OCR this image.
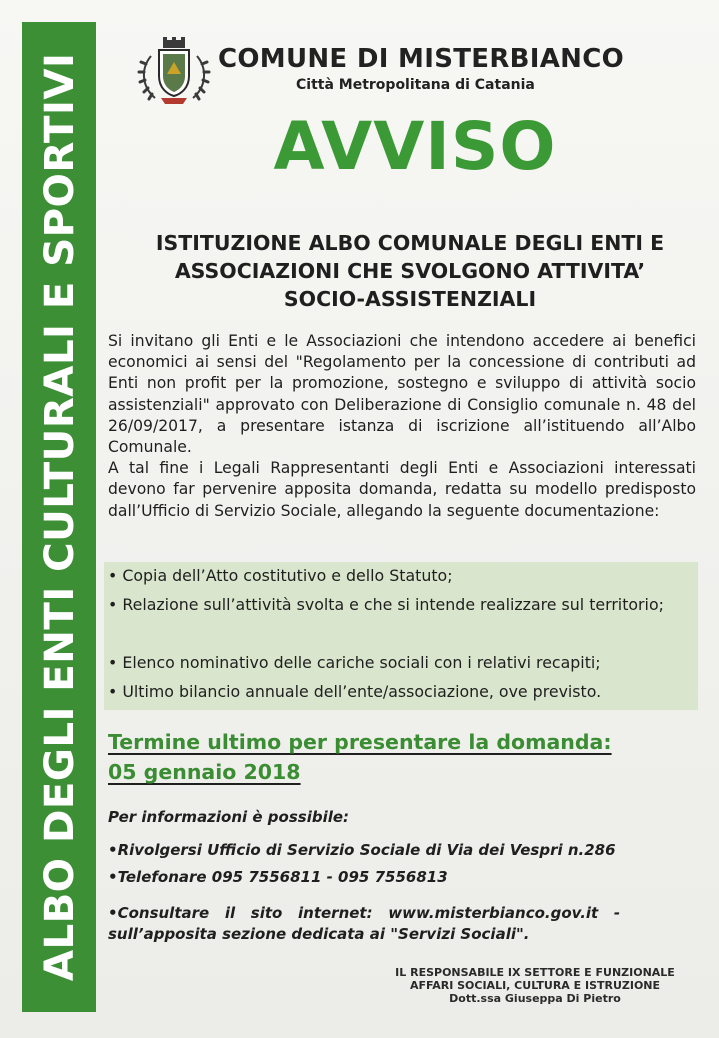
ALBO DEGLI ENTI CULTURALI E SPORTIVI	COMUNE DI MISTERBIANCO
Città Metropolitana di Catania
AVVISO
ISTITUZIONE ALBO COMUNALE DEGLI ENTI E
ASSOCIAZIONI CHE SVOLGONO ATTIVITA’
SOCIO-ASSISTENZIALI

Si invitano gli Enti e le Associazioni che intendono accedere ai benefici economici ai sensi del "Regolamento per la concessione di contributi ad Enti non profit per la promozione, sostegno e sviluppo di attività socio assistenziali" approvato con Deliberazione di Consiglio comunale n. 48 del 26/09/2017, a presentare istanza di iscrizione all’istituendo all’Albo Comunale.

A tal fine i Legali Rappresentanti degli Enti e Associazioni interessati devono far pervenire apposita domanda, redatta su modello predisposto dall’Ufficio di Servizio Sociale, allegando la seguente documentazione:

• Copia dell’Atto costitutivo e dello Statuto;
• Relazione sull’attività svolta e che si intende realizzare sul territorio;
• Elenco nominativo delle cariche sociali con i relativi recapiti;
• Ultimo bilancio annuale dell’ente/associazione, ove previsto.
Termine ultimo per presentare la domanda:
05 gennaio 2018
Per informazioni è possibile:
•Rivolgersi Ufficio di Servizio Sociale di Via dei Vespri n.286
•Telefonare 095 7556811 - 095 7556813
•Consultare   il   sito   internet:   www.misterbianco.gov.it   -
sull’apposita sezione dedicata ai "Servizi Sociali".
IL RESPONSABILE IX SETTORE E FUNZIONALE
AFFARI SOCIALI, CULTURA E ISTRUZIONE
Dott.ssa Giuseppa Di Pietro
